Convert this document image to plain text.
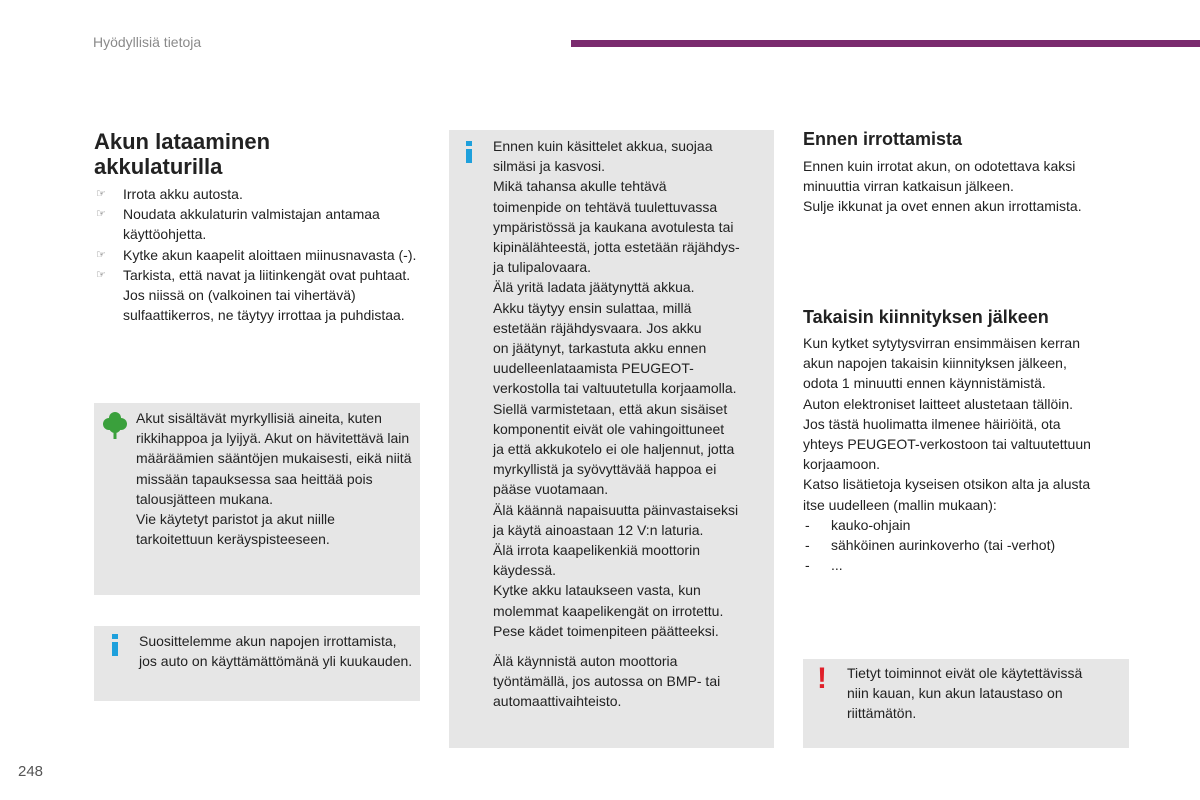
Hyödyllisiä tietoja
Akun lataaminen
akkulaturilla
☞ Irrota akku autosta.
☞ Noudata akkulaturin valmistajan antamaa käyttöohjetta.
☞ Kytke akun kaapelit aloittaen miinusnavasta (-).
☞ Tarkista, että navat ja liitinkengät ovat puhtaat. Jos niissä on (valkoinen tai vihertävä) sulfaattikerros, ne täytyy irrottaa ja puhdistaa.
Akut sisältävät myrkyllisiä aineita, kuten rikkihappoa ja lyijyä. Akut on hävitettävä lain määräämien sääntöjen mukaisesti, eikä niitä missään tapauksessa saa heittää pois talousjätteen mukana.
Vie käytetyt paristot ja akut niille tarkoitettuun keräyspisteeseen.
Suosittelemme akun napojen irrottamista, jos auto on käyttämättömänä yli kuukauden.
Ennen kuin käsittelet akkua, suojaa
silmäsi ja kasvosi.
Mikä tahansa akulle tehtävä
toimenpide on tehtävä tuulettuvassa
ympäristössä ja kaukana avotulesta tai
kipinälähteestä, jotta estetään räjähdys-
ja tulipalovaara.
Älä yritä ladata jäätynyttä akkua.
Akku täytyy ensin sulattaa, millä
estetään räjähdysvaara. Jos akku
on jäätynyt, tarkastuta akku ennen
uudelleenlataamista PEUGEOT-
verkostolla tai valtuutetulla korjaamolla.
Siellä varmistetaan, että akun sisäiset
komponentit eivät ole vahingoittuneet
ja että akkukotelo ei ole haljennut, jotta
myrkyllistä ja syövyttävää happoa ei
pääse vuotamaan.
Älä käännä napaisuutta päinvastaiseksi
ja käytä ainoastaan 12 V:n laturia.
Älä irrota kaapelikenkiä moottorin
käydessä.
Kytke akku lataukseen vasta, kun
molemmat kaapelikengät on irrotettu.
Pese kädet toimenpiteen päätteeksi.
Älä käynnistä auton moottoria
työntämällä, jos autossa on BMP- tai
automaattivaihteisto.
Ennen irrottamista
Ennen kuin irrotat akun, on odotettava kaksi
minuuttia virran katkaisun jälkeen.
Sulje ikkunat ja ovet ennen akun irrottamista.
Takaisin kiinnityksen jälkeen
Kun kytket sytytysvirran ensimmäisen kerran
akun napojen takaisin kiinnityksen jälkeen,
odota 1 minuutti ennen käynnistämistä.
Auton elektroniset laitteet alustetaan tällöin.
Jos tästä huolimatta ilmenee häiriöitä, ota
yhteys PEUGEOT-verkostoon tai valtuutettuun
korjaamoon.
Katso lisätietoja kyseisen otsikon alta ja alusta
itse uudelleen (mallin mukaan):
- kauko-ohjain
- sähköinen aurinkoverho (tai -verhot)
- ...
! Tietyt toiminnot eivät ole käytettävissä
niin kauan, kun akun lataustaso on
riittämätön.
248
